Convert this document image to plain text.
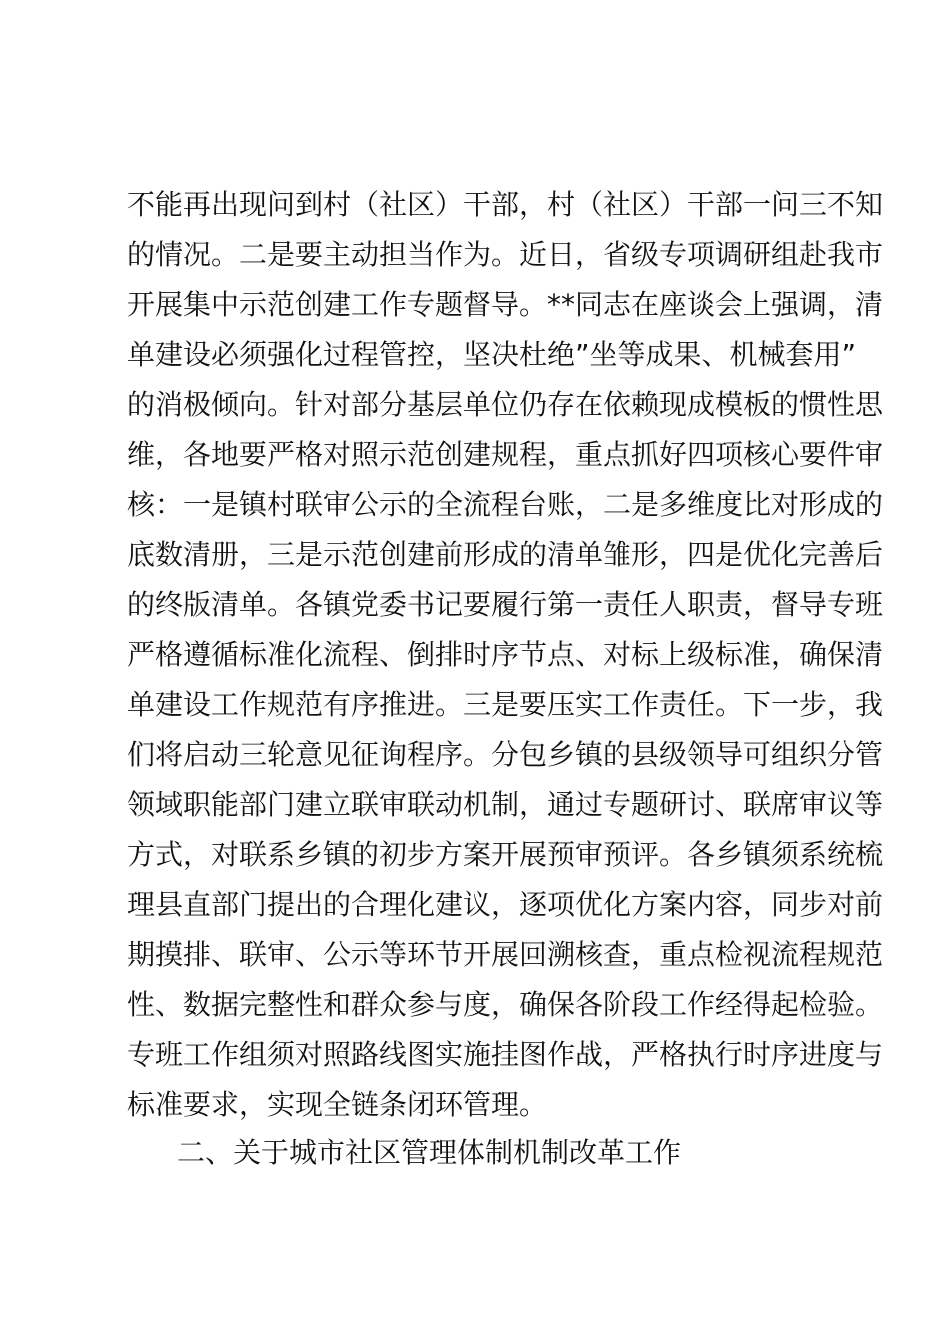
不能再出现问到村（社区）干部，村（社区）干部一问三不知
的情况。二是要主动担当作为。近日，省级专项调研组赴我市
开展集中示范创建工作专题督导。**同志在座谈会上强调，清
单建设必须强化过程管控，坚决杜绝”坐等成果、机械套用”
的消极倾向。针对部分基层单位仍存在依赖现成模板的惯性思
维，各地要严格对照示范创建规程，重点抓好四项核心要件审
核：一是镇村联审公示的全流程台账，二是多维度比对形成的
底数清册，三是示范创建前形成的清单雏形，四是优化完善后
的终版清单。各镇党委书记要履行第一责任人职责，督导专班
严格遵循标准化流程、倒排时序节点、对标上级标准，确保清
单建设工作规范有序推进。三是要压实工作责任。下一步，我
们将启动三轮意见征询程序。分包乡镇的县级领导可组织分管
领域职能部门建立联审联动机制，通过专题研讨、联席审议等
方式，对联系乡镇的初步方案开展预审预评。各乡镇须系统梳
理县直部门提出的合理化建议，逐项优化方案内容，同步对前
期摸排、联审、公示等环节开展回溯核查，重点检视流程规范
性、数据完整性和群众参与度，确保各阶段工作经得起检验。
专班工作组须对照路线图实施挂图作战，严格执行时序进度与
标准要求，实现全链条闭环管理。
二、关于城市社区管理体制机制改革工作
